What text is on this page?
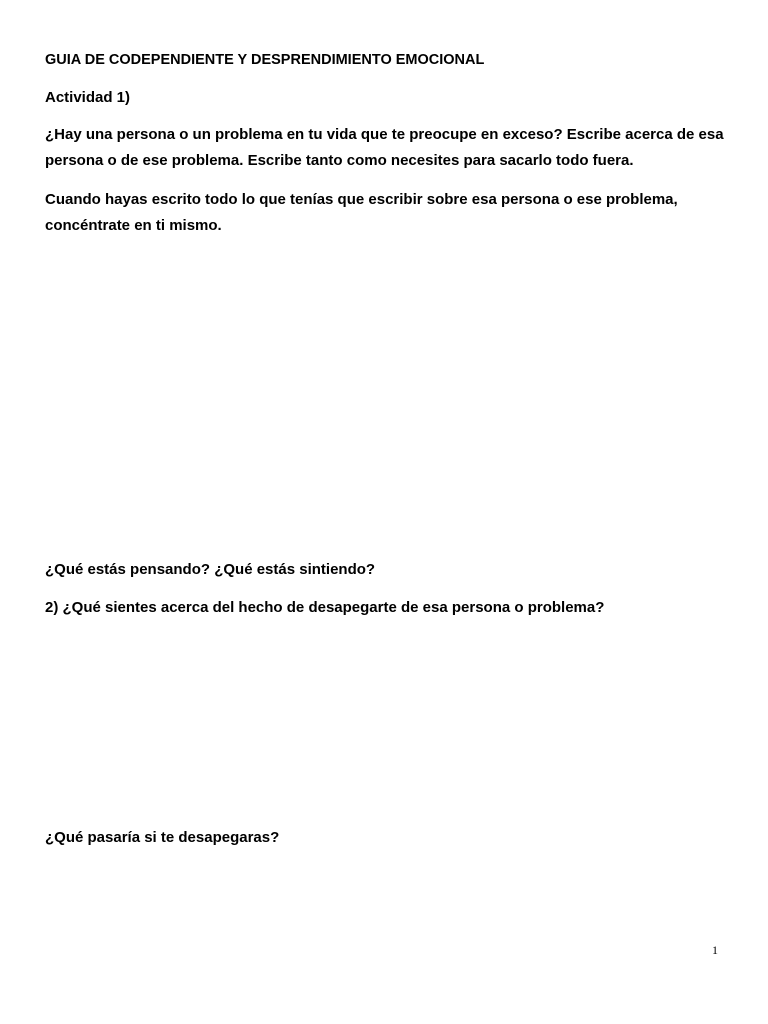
GUIA DE CODEPENDIENTE Y DESPRENDIMIENTO EMOCIONAL
Actividad 1)
¿Hay una persona o un problema en tu vida que te preocupe en exceso? Escribe acerca de esa persona o de ese problema. Escribe tanto como necesites para sacarlo todo fuera.
Cuando hayas escrito todo lo que tenías que escribir sobre esa persona o ese problema, concéntrate en ti mismo.
¿Qué estás pensando? ¿Qué estás sintiendo?
2) ¿Qué sientes acerca del hecho de desapegarte de esa persona o problema?
¿Qué pasaría si te desapegaras?
1
